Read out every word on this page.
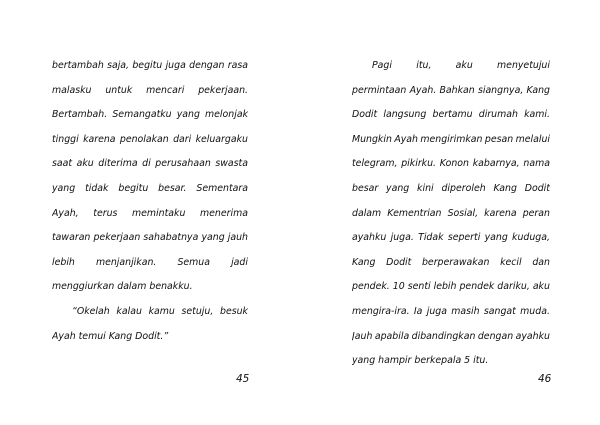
bertambah saja, begitu juga dengan rasa
malasku untuk mencari pekerjaan.
Bertambah. Semangatku yang melonjak
tinggi karena penolakan dari keluargaku
saat aku diterima di perusahaan swasta
yang tidak begitu besar. Sementara
Ayah, terus memintaku menerima
tawaran pekerjaan sahabatnya yang jauh
lebih menjanjikan. Semua jadi
menggiurkan dalam benakku.
“Okelah kalau kamu setuju, besuk
Ayah temui Kang Dodit.”
45
Pagi	itu,	aku	menyetujui
permintaan Ayah. Bahkan siangnya, Kang
Dodit langsung bertamu dirumah kami.
Mungkin Ayah mengirimkan pesan melalui
telegram, pikirku. Konon kabarnya, nama
besar yang kini diperoleh Kang Dodit
dalam Kementrian Sosial, karena peran
ayahku juga. Tidak seperti yang kuduga,
Kang Dodit berperawakan kecil dan
pendek. 10 senti lebih pendek dariku, aku
mengira-ira. Ia juga masih sangat muda.
Jauh apabila dibandingkan dengan ayahku
yang hampir berkepala 5 itu.
46
